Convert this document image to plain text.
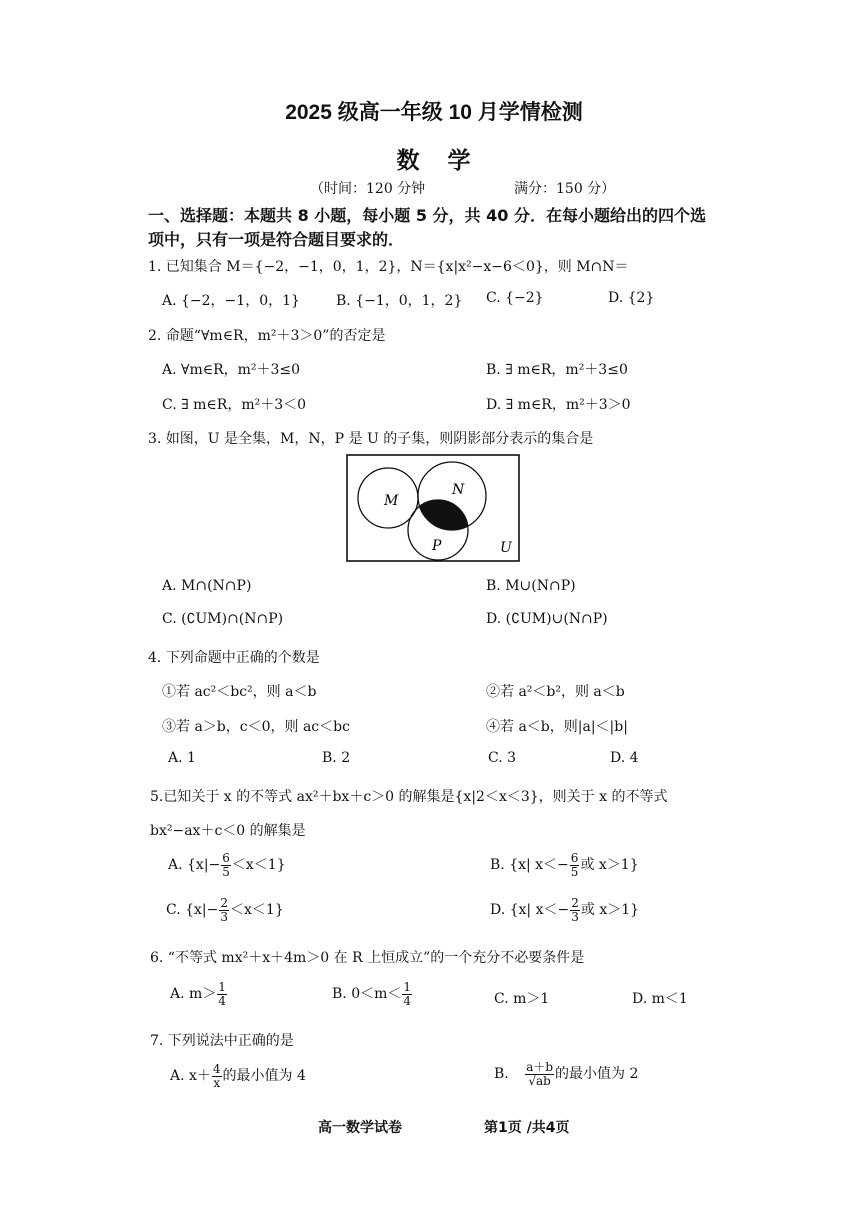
2025 级高一年级 10 月学情检测
数学
（时间：120 分钟	满分：150 分）
一、选择题：本题共 8 小题，每小题 5 分，共 40 分．在每小题给出的四个选
项中，只有一项是符合题目要求的．
1. 已知集合 M＝{−2，−1，0，1，2}，N＝{x|x²−x−6＜0}，则 M∩N＝
A. {−2，−1，0，1}	B. {−1，0，1，2} C. {−2}	D. {2}
2. 命题“∀m∈R，m²＋3＞0”的否定是
A. ∀m∈R，m²＋3≤0	B. ∃ m∈R，m²＋3≤0
C. ∃ m∈R，m²＋3＜0	D. ∃ m∈R，m²＋3＞0
3. 如图，U 是全集，M，N，P 是 U 的子集，则阴影部分表示的集合是
M
N
P	U
A. M∩(N∩P)	B. M∪(N∩P)
C. (∁UM)∩(N∩P)	D. (∁UM)∪(N∩P)
4. 下列命题中正确的个数是
①若 ac²＜bc²，则 a＜b	②若 a²＜b²，则 a＜b
③若 a＞b，c＜0，则 ac＜bc	④若 a＜b，则|a|＜|b|
A. 1	B. 2	C. 3	D. 4
5.已知关于 x 的不等式 ax²＋bx＋c＞0 的解集是{x|2＜x＜3}，则关于 x 的不等式
bx²−ax＋c＜0 的解集是
A. $\{x|- \frac{6}{5} <x<1\}$	B. {x| $x<- \frac{6}{5}$ 或 x＞1}
C. $\{x|- \frac{2}{3} <x<1\}$	D. {x| $x<- \frac{2}{3}$ 或 x＞1}
6. “不等式 mx²＋x＋4m＞0 在 R 上恒成立”的一个充分不必要条件是
A. $m> \frac{1}{4}$	B. $0<m< \frac{1}{4}$	C. m＞1	D. m＜1
7. 下列说法中正确的是
A. $x+ \frac{4}{x}$ 的最小值为 4	B. $\frac{a+b}{√ab}$ 的最小值为 2
高一数学试卷	第1页 /共4页
